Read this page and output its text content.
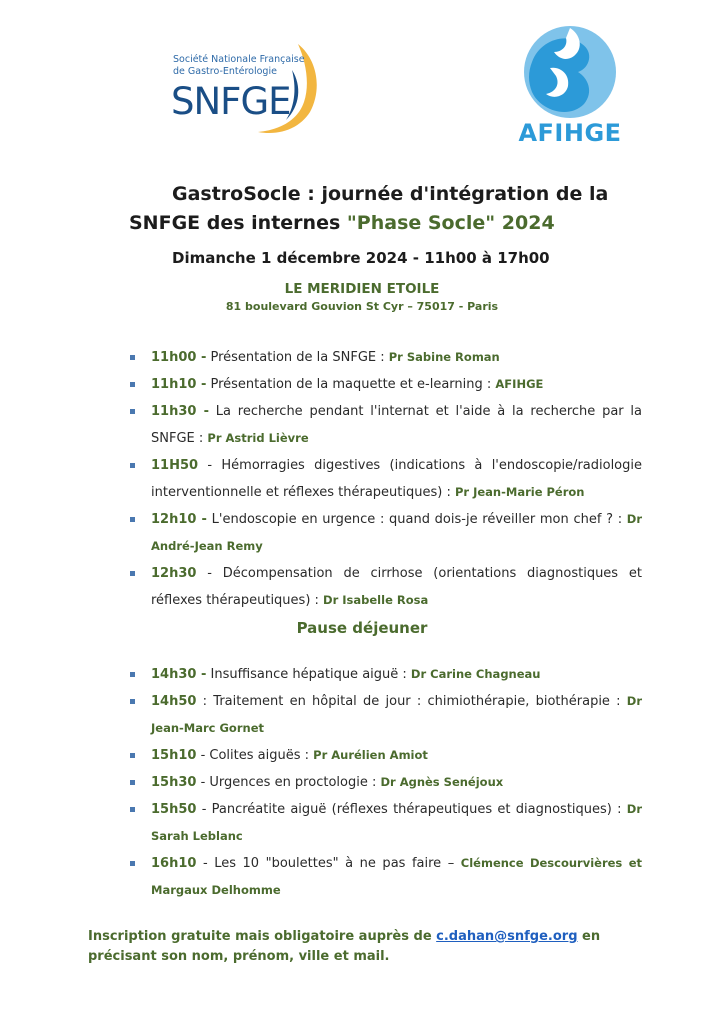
Société Nationale Française
de Gastro-Entérologie
SNFGE
AFIHGE
GastroSocle : journée d'intégration de la
SNFGE des internes "Phase Socle" 2024
Dimanche 1 décembre 2024 - 11h00 à 17h00
LE MERIDIEN ETOILE
81 boulevard Gouvion St Cyr – 75017 - Paris
11h00 - Présentation de la SNFGE : Pr Sabine Roman
11h10 - Présentation de la maquette et e-learning : AFIHGE
11h30 - La recherche pendant l'internat et l'aide à la recherche par la SNFGE : Pr Astrid Lièvre
11H50 - Hémorragies digestives (indications à l'endoscopie/radiologie interventionnelle et réflexes thérapeutiques) : Pr Jean-Marie Péron
12h10 - L'endoscopie en urgence : quand dois-je réveiller mon chef ? : Dr André-Jean Remy
12h30 - Décompensation de cirrhose (orientations diagnostiques et réflexes thérapeutiques) : Dr Isabelle Rosa
Pause déjeuner
14h30 - Insuffisance hépatique aiguë : Dr Carine Chagneau
14h50 : Traitement en hôpital de jour : chimiothérapie, biothérapie : Dr Jean-Marc Gornet
15h10 - Colites aiguës : Pr Aurélien Amiot
15h30 - Urgences en proctologie : Dr Agnès Senéjoux
15h50 - Pancréatite aiguë (réflexes thérapeutiques et diagnostiques) : Dr Sarah Leblanc
16h10 - Les 10 "boulettes" à ne pas faire – Clémence Descourvières et Margaux Delhomme
Inscription gratuite mais obligatoire auprès de c.dahan@snfge.org en précisant son nom, prénom, ville et mail.
